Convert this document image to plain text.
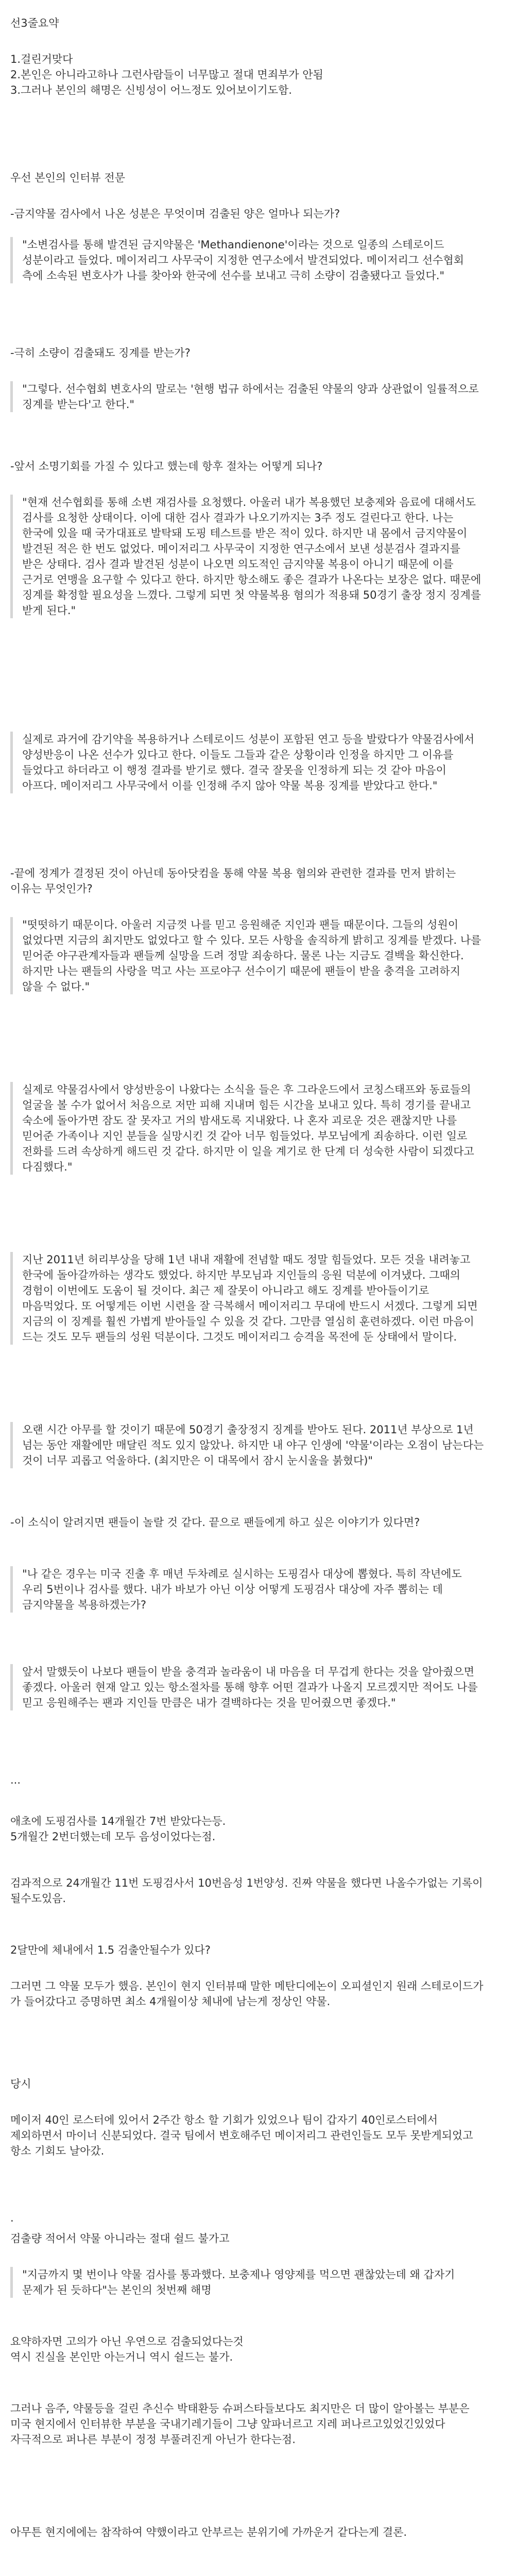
선3줄요약

1.걸린거맞다
2.본인은 아니라고하나 그런사람들이 너무많고 절대 면죄부가 안됨
3.그러나 본인의 해명은 신빙성이 어느정도 있어보이기도함.

우선 본인의 인터뷰 전문

-금지약물 검사에서 나온 성분은 무엇이며 검출된 양은 얼마나 되는가?

"소변검사를 통해 발견된 금지약물은 'Methandienone'이라는 것으로 일종의 스테로이드 성분이라고 들었다. 메이저리그 사무국이 지정한 연구소에서 발견되었다. 메이저리그 선수협회 측에 소속된 변호사가 나를 찾아와 한국에 선수를 보내고 극히 소량이 검출됐다고 들었다."

-극히 소량이 검출돼도 징계를 받는가?

"그렇다. 선수협회 변호사의 말로는 '현행 법규 하에서는 검출된 약물의 양과 상관없이 일률적으로 징계를 받는다'고 한다."

-앞서 소명기회를 가질 수 있다고 했는데 항후 절차는 어떻게 되나?

"현재 선수협회를 통해 소변 재검사를 요청했다. 아울러 내가 복용했던 보충제와 음료에 대해서도 검사를 요청한 상태이다. 이에 대한 검사 결과가 나오기까지는 3주 정도 걸린다고 한다. 나는 한국에 있을 때 국가대표로 발탁돼 도핑 테스트를 받은 적이 있다. 하지만 내 몸에서 금지약물이 발견된 적은 한 번도 없었다. 메이저리그 사무국이 지정한 연구소에서 보낸 성분검사 결과지를 받은 상태다. 검사 결과 발견된 성분이 나오면 의도적인 금지약물 복용이 아니기 때문에 이를 근거로 연맹을 요구할 수 있다고 한다. 하지만 항소해도 좋은 결과가 나온다는 보장은 없다. 때문에 징계를 확정할 필요성을 느꼈다. 그렇게 되면 첫 약물복용 혐의가 적용돼 50경기 출장 정지 징계를 받게 된다."

실제로 과거에 감기약을 복용하거나 스테로이드 성분이 포함된 연고 등을 발랐다가 약물검사에서 양성반응이 나온 선수가 있다고 한다. 이들도 그들과 같은 상황이라 인정을 하지만 그 이유를 들었다고 하더라고 이 행정 결과를 받기로 했다. 결국 잘못을 인정하게 되는 것 같아 마음이 아프다. 메이저리그 사무국에서 이를 인정해 주지 않아 약물 복용 징계를 받았다고 한다."

-끝에 정계가 결정된 것이 아닌데 동아닷컴을 통해 약물 복용 혐의와 관련한 결과를 먼저 밝히는 이유는 무엇인가?

"떳떳하기 때문이다. 아울러 지금껏 나를 믿고 응원해준 지인과 팬들 때문이다. 그들의 성원이 없었다면 지금의 최지만도 없었다고 할 수 있다. 모든 사항을 솔직하게 밝히고 징계를 받겠다. 나를 믿어준 야구관계자들과 팬들께 실망을 드려 정말 죄송하다. 물론 나는 지금도 결백을 확신한다. 하지만 나는 팬들의 사랑을 먹고 사는 프로야구 선수이기 때문에 팬들이 받을 충격을 고려하지 않을 수 없다."

실제로 약물검사에서 양성반응이 나왔다는 소식을 들은 후 그라운드에서 코칭스태프와 동료들의 얼굴을 볼 수가 없어서 처음으로 저만 피해 지내며 힘든 시간을 보내고 있다. 특히 경기를 끝내고 숙소에 돌아가면 잠도 잘 못자고 거의 밤새도록 지내왔다. 나 혼자 괴로운 것은 괜찮지만 나를 믿어준 가족이나 지인 분들을 실망시킨 것 같아 너무 힘들었다. 부모님에게 죄송하다. 이런 일로 전화를 드려 속상하게 해드린 것 같다. 하지만 이 일을 계기로 한 단계 더 성숙한 사람이 되겠다고 다짐했다."

지난 2011년 허리부상을 당해 1년 내내 재활에 전념할 때도 정말 힘들었다. 모든 것을 내려놓고 한국에 돌아갈까하는 생각도 했었다. 하지만 부모님과 지인들의 응원 덕분에 이겨냈다. 그때의 경험이 이번에도 도움이 될 것이다. 최근 제 잘못이 아니라고 해도 징계를 받아들이기로 마음먹었다. 또 어떻게든 이번 시련을 잘 극복해서 메이저리그 무대에 반드시 서겠다. 그렇게 되면 지금의 이 징계를 훨씬 가볍게 받아들일 수 있을 것 같다. 그만큼 열심히 훈련하겠다. 이런 마음이 드는 것도 모두 팬들의 성원 덕분이다. 그것도 메이저리그 승격을 목전에 둔 상태에서 말이다.

오랜 시간 아무를 할 것이기 때문에 50경기 출장정지 징계를 받아도 된다. 2011년 부상으로 1년 넘는 동안 재활에만 매달린 적도 있지 않았나. 하지만 내 야구 인생에 '약물'이라는 오점이 남는다는 것이 너무 괴롭고 억울하다. (최지만은 이 대목에서 잠시 눈시울을 붉혔다)"

-이 소식이 알려지면 팬들이 놀랄 것 같다. 끝으로 팬들에게 하고 싶은 이야기가 있다면?

"나 같은 경우는 미국 진출 후 매년 두차례로 실시하는 도핑검사 대상에 뽑혔다. 특히 작년에도 우리 5번이나 검사를 했다. 내가 바보가 아닌 이상 어떻게 도핑검사 대상에 자주 뽑히는 데 금지약물을 복용하겠는가?

앞서 말했듯이 나보다 팬들이 받을 충격과 놀라움이 내 마음을 더 무겁게 한다는 것을 알아줬으면 좋겠다. 아울러 현재 알고 있는 항소절차를 통해 향후 어떤 결과가 나올지 모르겠지만 적어도 나를 믿고 응원해주는 팬과 지인들 만큼은 내가 결백하다는 것을 믿어줬으면 좋겠다."

...

애초에 도핑검사를 14개월간 7번 받았다는등.
5개월간 2번더했는데 모두 음성이었다는점.

검과적으로 24개월간 11번 도핑검사서 10번음성 1번양성. 진짜 약물을 했다면 나올수가없는 기록이 될수도있음.

2달만에 체내에서 1.5 검출안될수가 있다?

그러면 그 약물 모두가 했음. 본인이 현지 인터뷰때 말한 메탄디에논이 오피셜인지 원래 스테로이드가 가 들어갔다고 증명하면 최소 4개월이상 체내에 남는게 정상인 약물.

당시

메이저 40인 로스터에 있어서 2주간 항소 할 기회가 있었으나 팀이 갑자기 40인로스터에서 제외하면서 마이너 신분되었다. 결국 팀에서 변호해주던 메이저리그 관련인들도 모두 못받게되었고 항소 기회도 날아갔.

.

검출량 적어서 약물 아니라는 절대 쉴드 불가고

"지금까지 몇 번이나 약물 검사를 통과했다. 보충제나 영양제를 먹으면 괜찮았는데 왜 갑자기 문제가 된 듯하다"는 본인의 첫번째 해명

요약하자면 고의가 아닌 우연으로 검출되었다는것
역시 진실을 본인만 아는거니 역시 쉴드는 불가.

그러나 음주, 약물등을 걸린 추신수 박태환등 슈퍼스타들보다도 최지만은 더 많이 알아볼는 부분은
미국 현지에서 인터뷰한 부분을 국내기레기들이 그냥 앞파너르고 지레 퍼나르고있었긴있었다 자극적으로 퍼나른 부분이 정정 부풀려진게 아닌가 한다는점.

아무튼 현지에에는 참작하여 약했이라고 안부르는 분위기에 가까운거 같다는게 결론.
